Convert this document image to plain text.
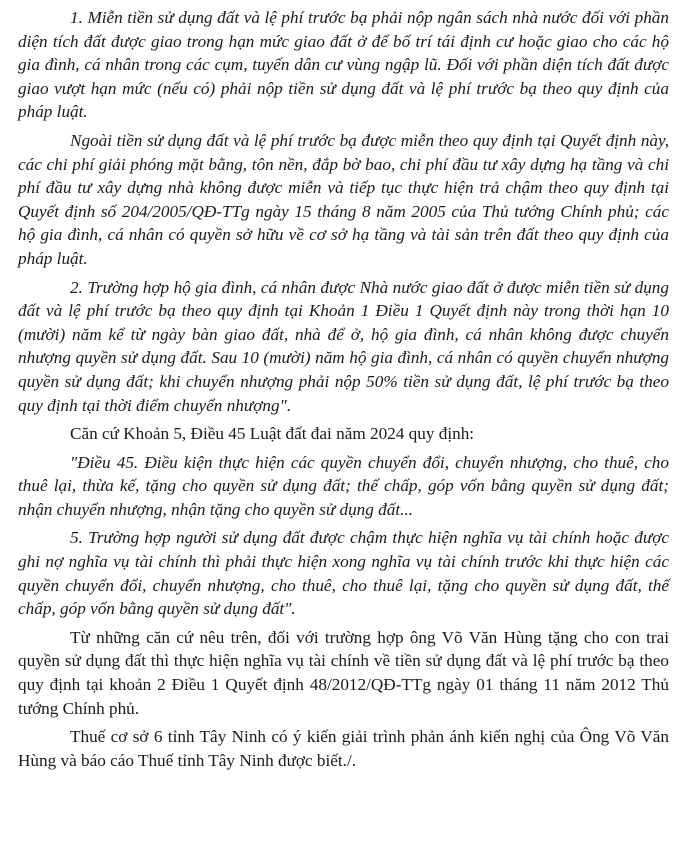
1. Miễn tiền sử dụng đất và lệ phí trước bạ phải nộp ngân sách nhà nước đối với phần diện tích đất được giao trong hạn mức giao đất ở để bố trí tái định cư hoặc giao cho các hộ gia đình, cá nhân trong các cụm, tuyến dân cư vùng ngập lũ. Đối với phần diện tích đất được giao vượt hạn mức (nếu có) phải nộp tiền sử dụng đất và lệ phí trước bạ theo quy định của pháp luật.

Ngoài tiền sử dụng đất và lệ phí trước bạ được miễn theo quy định tại Quyết định này, các chi phí giải phóng mặt bằng, tôn nền, đắp bờ bao, chi phí đầu tư xây dựng hạ tầng và chi phí đầu tư xây dựng nhà không được miễn và tiếp tục thực hiện trả chậm theo quy định tại Quyết định số 204/2005/QĐ-TTg ngày 15 tháng 8 năm 2005 của Thủ tướng Chính phủ; các hộ gia đình, cá nhân có quyền sở hữu về cơ sở hạ tầng và tài sản trên đất theo quy định của pháp luật.

2. Trường hợp hộ gia đình, cá nhân được Nhà nước giao đất ở được miễn tiền sử dụng đất và lệ phí trước bạ theo quy định tại Khoản 1 Điều 1 Quyết định này trong thời hạn 10 (mười) năm kể từ ngày bàn giao đất, nhà để ở, hộ gia đình, cá nhân không được chuyển nhượng quyền sử dụng đất. Sau 10 (mười) năm hộ gia đình, cá nhân có quyền chuyển nhượng quyền sử dụng đất; khi chuyển nhượng phải nộp 50% tiền sử dụng đất, lệ phí trước bạ theo quy định tại thời điểm chuyển nhượng".

Căn cứ Khoản 5, Điều 45 Luật đất đai năm 2024 quy định:

"Điều 45. Điều kiện thực hiện các quyền chuyển đổi, chuyển nhượng, cho thuê, cho thuê lại, thừa kế, tặng cho quyền sử dụng đất; thế chấp, góp vốn bằng quyền sử dụng đất; nhận chuyển nhượng, nhận tặng cho quyền sử dụng đất...

5. Trường hợp người sử dụng đất được chậm thực hiện nghĩa vụ tài chính hoặc được ghi nợ nghĩa vụ tài chính thì phải thực hiện xong nghĩa vụ tài chính trước khi thực hiện các quyền chuyển đổi, chuyển nhượng, cho thuê, cho thuê lại, tặng cho quyền sử dụng đất, thế chấp, góp vốn bằng quyền sử dụng đất".

Từ những căn cứ nêu trên, đối với trường hợp ông Võ Văn Hùng tặng cho con trai quyền sử dụng đất thì thực hiện nghĩa vụ tài chính về tiền sử dụng đất và lệ phí trước bạ theo quy định tại khoản 2 Điều 1 Quyết định 48/2012/QĐ-TTg ngày 01 tháng 11 năm 2012 Thủ tướng Chính phủ.

Thuế cơ sở 6 tỉnh Tây Ninh có ý kiến giải trình phản ánh kiến nghị của Ông Võ Văn Hùng và báo cáo Thuế tỉnh Tây Ninh được biết./.
